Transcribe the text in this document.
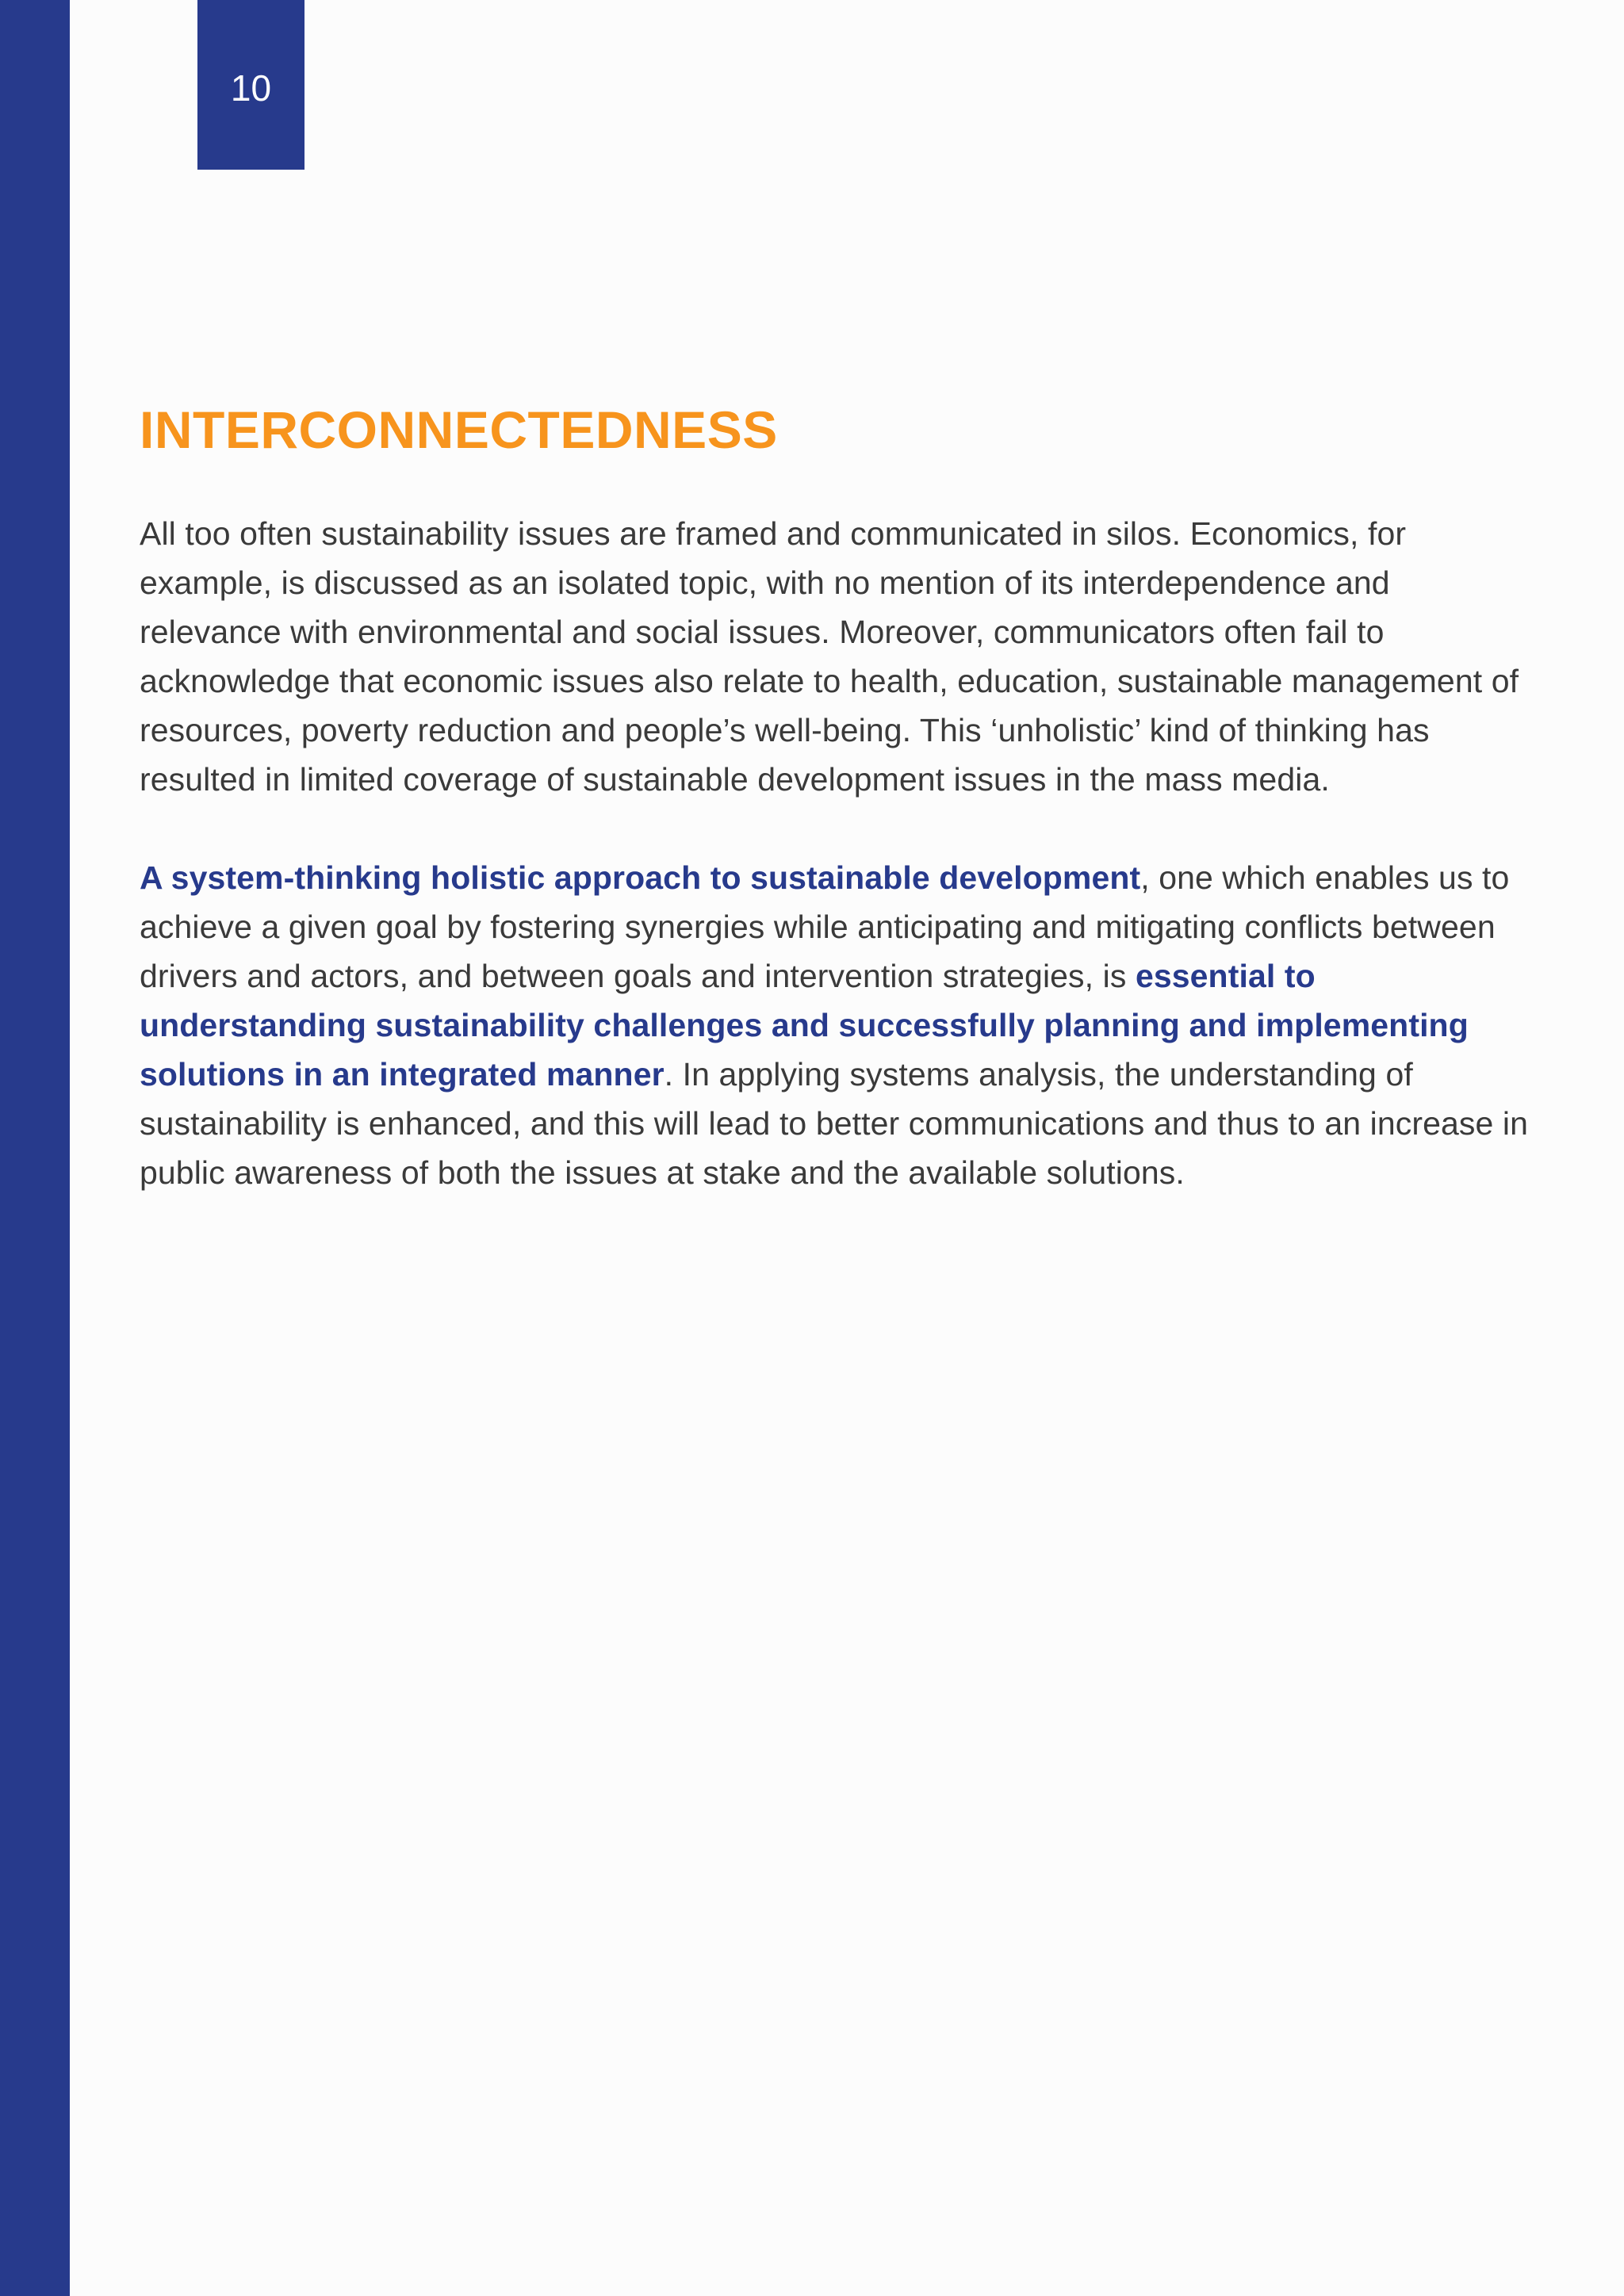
10
INTERCONNECTEDNESS

All too often sustainability issues are framed and communicated in silos. Economics, for example, is discussed as an isolated topic, with no mention of its interdependence and relevance with environmental and social issues. Moreover, communicators often fail to acknowledge that economic issues also relate to health, education, sustainable management of resources, poverty reduction and people’s well-being. This ‘unholistic’ kind of thinking has resulted in limited coverage of sustainable development issues in the mass media.

A system-thinking holistic approach to sustainable development, one which enables us to achieve a given goal by fostering synergies while anticipating and mitigating conflicts between drivers and actors, and between goals and intervention strategies, is essential to understanding sustainability challenges and successfully planning and implementing solutions in an integrated manner. In applying systems analysis, the understanding of sustainability is enhanced, and this will lead to better communications and thus to an increase in public awareness of both the issues at stake and the available solutions.
